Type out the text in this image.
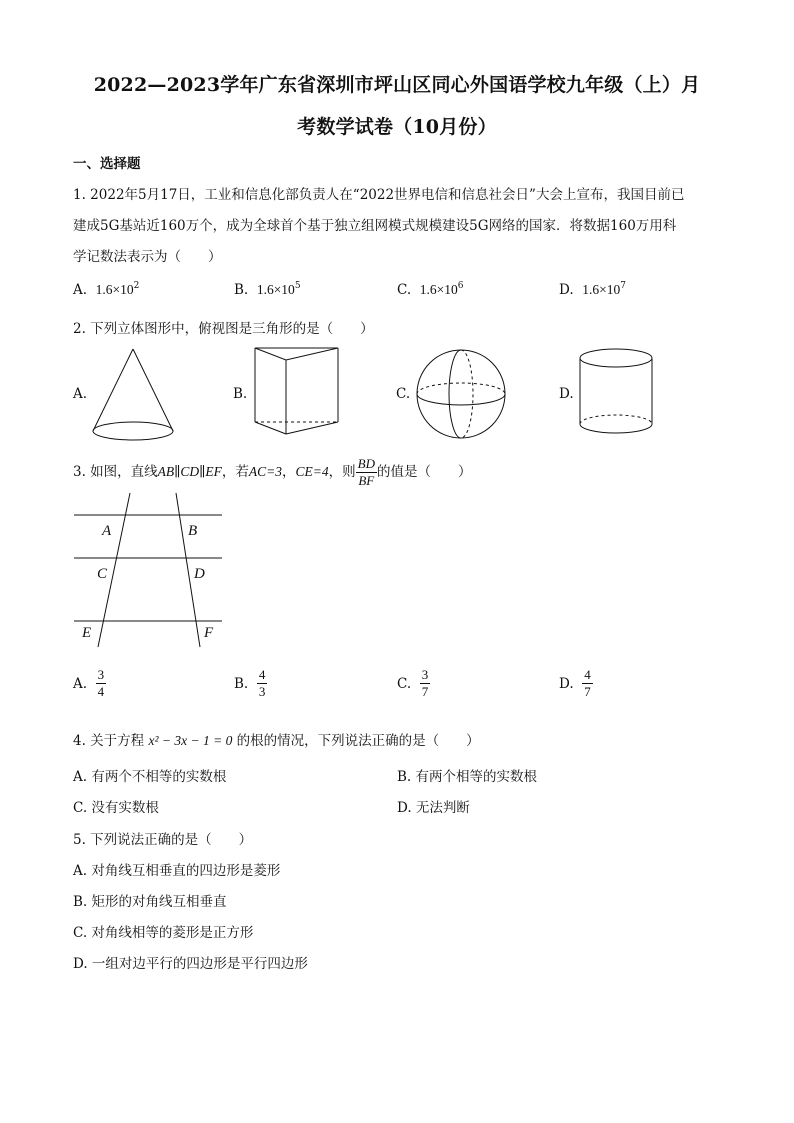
2022—2023学年广东省深圳市坪山区同心外国语学校九年级（上）月
考数学试卷（10月份）
一、选择题
1. 2022年5月17日，工业和信息化部负责人在“2022世界电信和信息社会日”大会上宣布，我国目前已
建成5G基站近160万个，成为全球首个基于独立组网模式规模建设5G网络的国家．将数据160万用科
学记数法表示为（　　）
A. $1.6\times 10^2$	B. $1.6\times 10^5$	C. $1.6\times 10^6$	D. $1.6\times 10^7$
2. 下列立体图形中，俯视图是三角形的是（　　）
A.	B.	C.	D.
3. 如图，直线AB∥CD∥EF，若AC=3，CE=4，则 $\frac{BD}{BF}$ 的值是（　　）
A	B
C	D
E	F
A. $\frac{3}{4}$	B. $\frac{4}{3}$	C. $\frac{3}{7}$	D. $\frac{4}{7}$
4. 关于方程 x² − 3x − 1 = 0 的根的情况，下列说法正确的是（　　）
A. 有两个不相等的实数根	B. 有两个相等的实数根
C. 没有实数根	D. 无法判断
5. 下列说法正确的是（　　）
A. 对角线互相垂直的四边形是菱形
B. 矩形的对角线互相垂直
C. 对角线相等的菱形是正方形
D. 一组对边平行的四边形是平行四边形
